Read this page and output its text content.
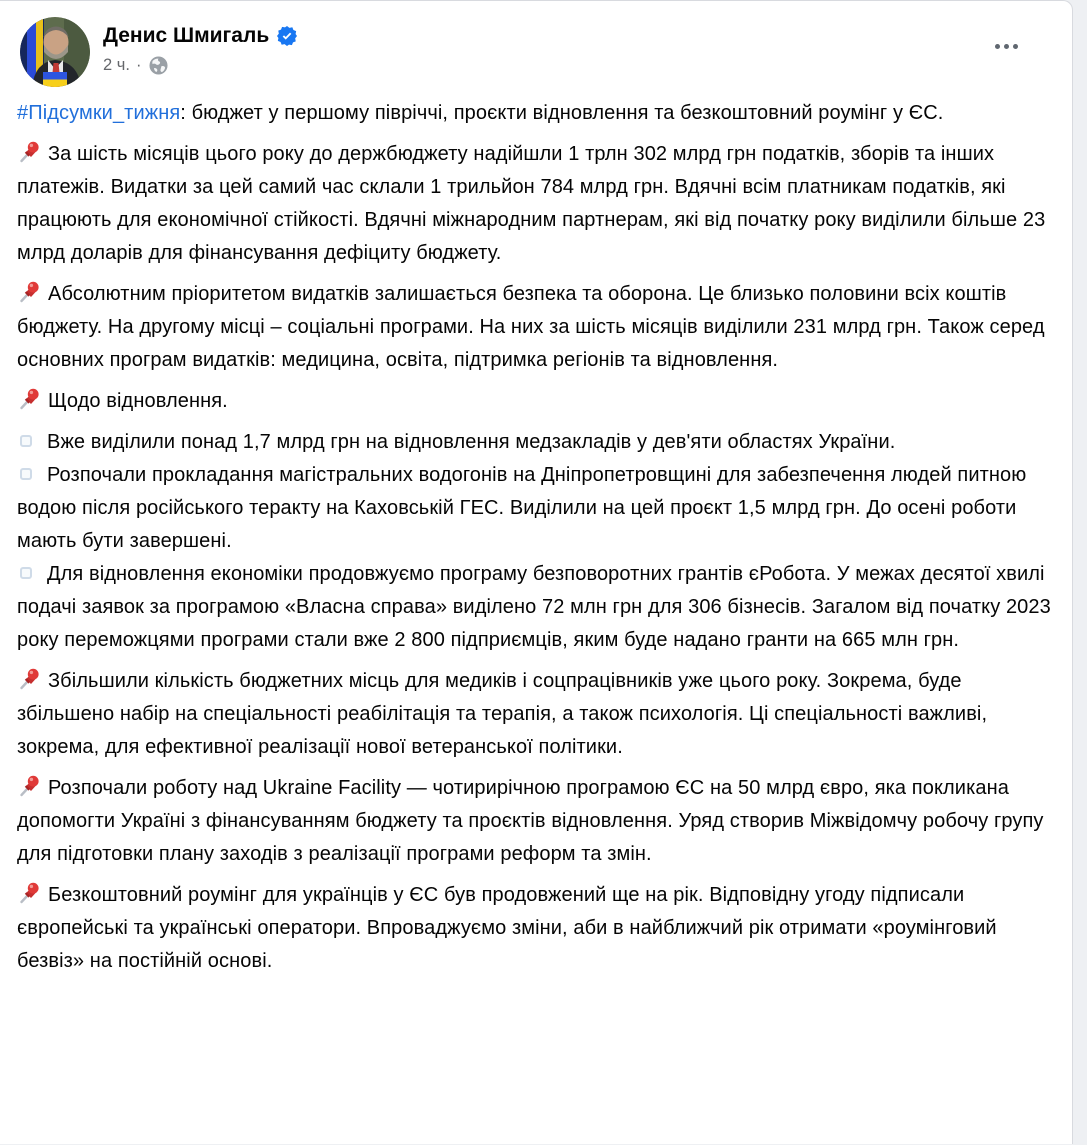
Денис Шмигаль
2 ч. ·
#Підсумки_тижня: бюджет у першому півріччі, проєкти відновлення та безкоштовний роумінг у ЄС.
За шість місяців цього року до держбюджету надійшли 1 трлн 302 млрд грн податків, зборів та інших платежів. Видатки за цей самий час склали 1 трильйон 784 млрд грн. Вдячні всім платникам податків, які працюють для економічної стійкості. Вдячні міжнародним партнерам, які від початку року виділили більше 23 млрд доларів для фінансування дефіциту бюджету.
Абсолютним пріоритетом видатків залишається безпека та оборона. Це близько половини всіх коштів бюджету. На другому місці – соціальні програми. На них за шість місяців виділили 231 млрд грн. Також серед основних програм видатків: медицина, освіта, підтримка регіонів та відновлення.
Щодо відновлення.
Вже виділили понад 1,7 млрд грн на відновлення медзакладів у дев'яти областях України.
Розпочали прокладання магістральних водогонів на Дніпропетровщині для забезпечення людей питною водою після російського теракту на Каховській ГЕС. Виділили на цей проєкт 1,5 млрд грн. До осені роботи мають бути завершені.
Для відновлення економіки продовжуємо програму безповоротних грантів єРобота. У межах десятої хвилі подачі заявок за програмою «Власна справа» виділено 72 млн грн для 306 бізнесів. Загалом від початку 2023 року переможцями програми стали вже 2 800 підприємців, яким буде надано гранти на 665 млн грн.
Збільшили кількість бюджетних місць для медиків і соцпрацівників уже цього року. Зокрема, буде збільшено набір на спеціальності реабілітація та терапія, а також психологія. Ці спеціальності важливі, зокрема, для ефективної реалізації нової ветеранської політики.
Розпочали роботу над Ukraine Facility — чотирирічною програмою ЄС на 50 млрд євро, яка покликана допомогти Україні з фінансуванням бюджету та проєктів відновлення. Уряд створив Міжвідомчу робочу групу для підготовки плану заходів з реалізації програми реформ та змін.
Безкоштовний роумінг для українців у ЄС був продовжений ще на рік. Відповідну угоду підписали європейські та українські оператори. Впроваджуємо зміни, аби в найближчий рік отримати «роумінговий безвіз» на постійній основі.
